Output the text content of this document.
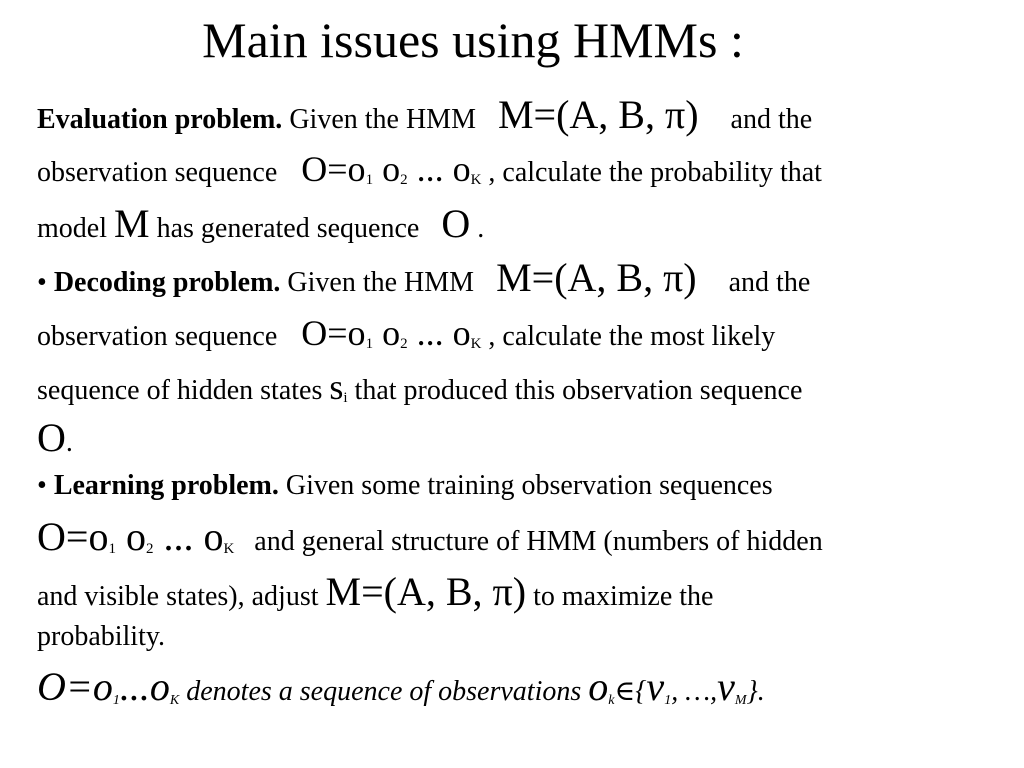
Main issues using HMMs :
Evaluation problem. Given the HMM M=(A, B, π) and the
observation sequence $O=o_1$ $o_2$ ... $o_K$ , calculate the probability that
model M has generated sequence O .
• Decoding problem. Given the HMM M=(A, B, π) and the
observation sequence $O=o_1$ $o_2$ ... $o_K$ , calculate the most likely
sequence of hidden states $s_i$ that produced this observation sequence
O.
• Learning problem. Given some training observation sequences
$O=o_1$ $o_2$ ... $o_K$ and general structure of HMM (numbers of hidden
and visible states), adjust M=(A, B, π) to maximize the
probability.
O=o1...oK denotes a sequence of observations ok∈{v1, …,vM}.
